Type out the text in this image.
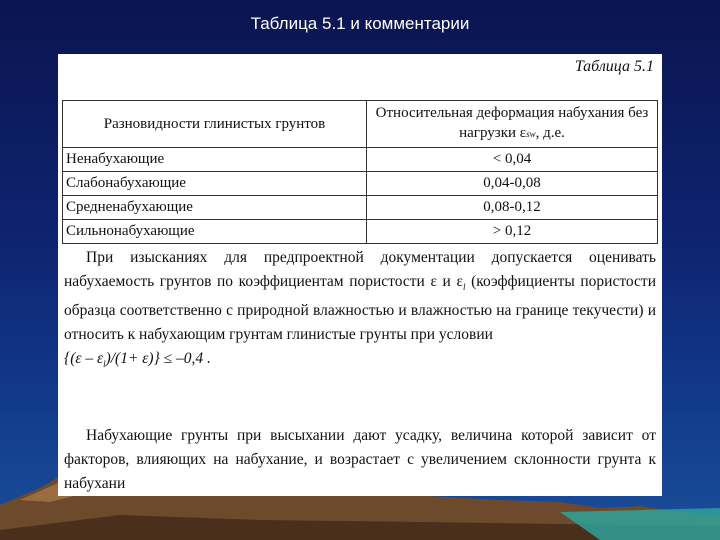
Таблица 5.1 и комментарии
Таблица 5.1
Разновидности глинистых грунтов	Относительная деформация набухания без нагрузки εsw, д.е.
Ненабухающие	< 0,04
Слабонабухающие	0,04-0,08
Средненабухающие	0,08-0,12
Сильнонабухающие	> 0,12
При изысканиях для предпроектной документации допускается оценивать набухаемость грунтов по коэффициентам пористости ε и $\varepsilon_l$ (коэффициенты пористости образца соответственно с природной влажностью и влажностью на границе текучести) и относить к набухающим грунтам глинистые грунты при условии
$\{(\varepsilon - \varepsilon_l)/(1+ \varepsilon)\} \le -0,4$ .
Набухающие грунты при высыхании дают усадку, величина которой зависит от факторов, влияющих на набухание, и возрастает с увеличением склонности грунта к набухани
